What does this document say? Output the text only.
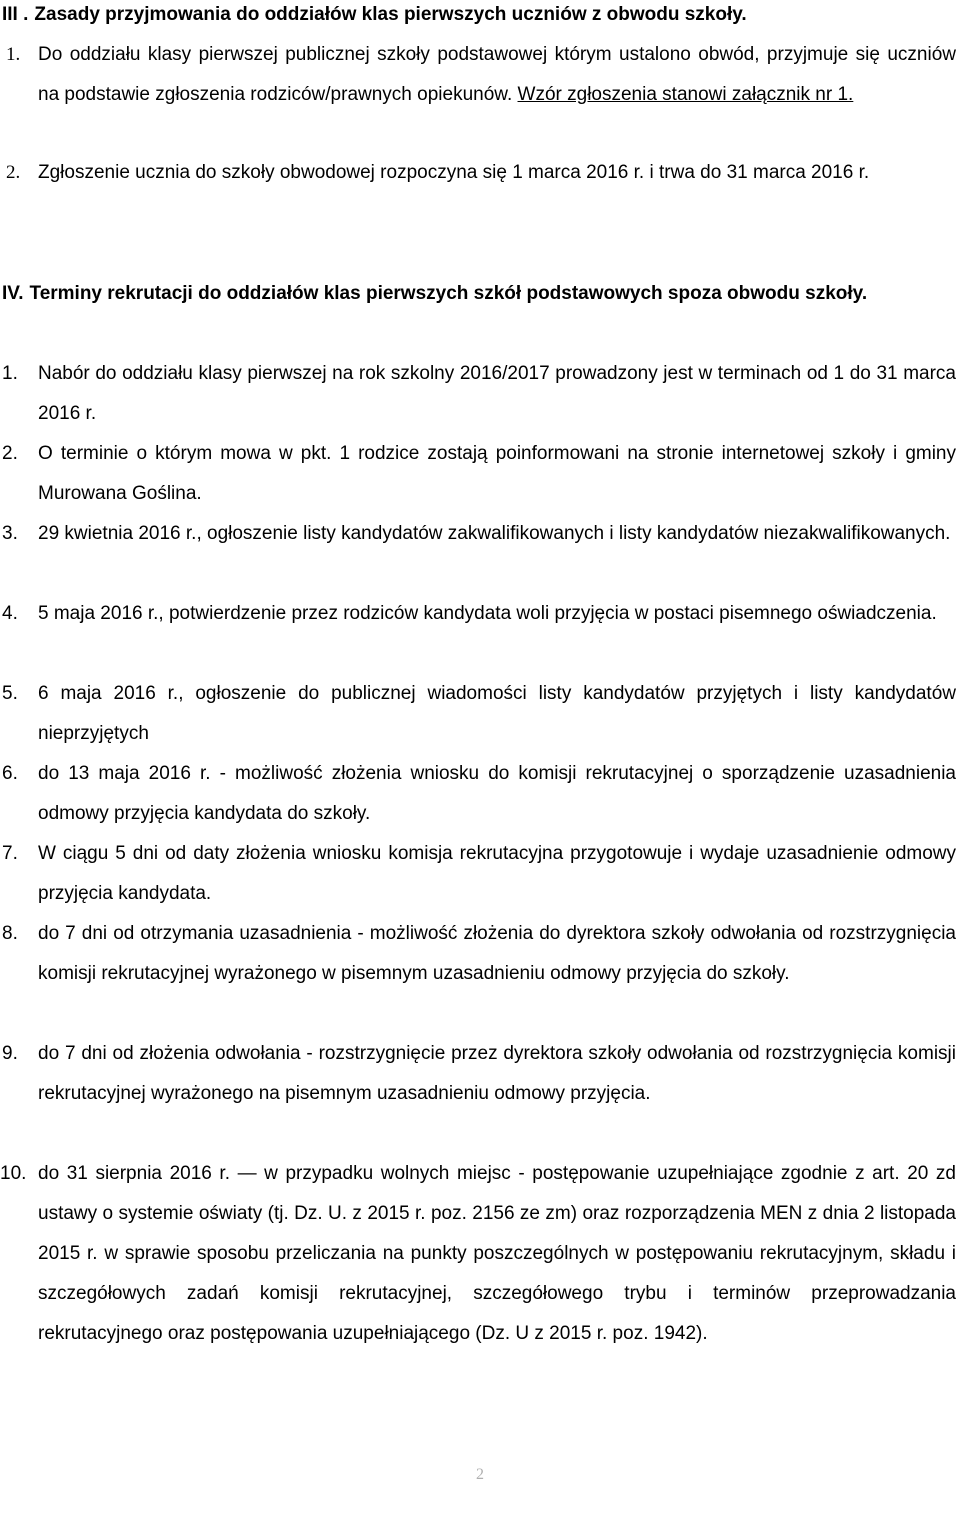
III . Zasady przyjmowania do oddziałów klas pierwszych uczniów z obwodu szkoły.
1. Do oddziału klasy pierwszej publicznej szkoły podstawowej którym ustalono obwód, przyjmuje się uczniów na podstawie zgłoszenia rodziców/prawnych opiekunów. Wzór zgłoszenia stanowi załącznik nr 1.
2. Zgłoszenie ucznia do szkoły obwodowej rozpoczyna się 1 marca 2016 r. i trwa do 31 marca 2016 r.
IV. Terminy rekrutacji do oddziałów klas pierwszych szkół podstawowych spoza obwodu szkoły.
1. Nabór do oddziału klasy pierwszej na rok szkolny 2016/2017 prowadzony jest w terminach od 1 do 31 marca 2016 r.
2. O terminie o którym mowa w pkt. 1 rodzice zostają poinformowani na stronie internetowej szkoły i gminy Murowana Goślina.
3. 29 kwietnia 2016 r., ogłoszenie listy kandydatów zakwalifikowanych i listy kandydatów niezakwalifikowanych.
4. 5 maja 2016 r., potwierdzenie przez rodziców kandydata woli przyjęcia w postaci pisemnego oświadczenia.
5. 6 maja 2016 r., ogłoszenie do publicznej wiadomości listy kandydatów przyjętych i listy kandydatów nieprzyjętych
6. do 13 maja 2016 r. - możliwość złożenia wniosku do komisji rekrutacyjnej o sporządzenie uzasadnienia odmowy przyjęcia kandydata do szkoły.
7. W ciągu 5 dni od daty złożenia wniosku komisja rekrutacyjna przygotowuje i wydaje uzasadnienie odmowy przyjęcia kandydata.
8. do 7 dni od otrzymania uzasadnienia - możliwość złożenia do dyrektora szkoły odwołania od rozstrzygnięcia komisji rekrutacyjnej wyrażonego w pisemnym uzasadnieniu odmowy przyjęcia do szkoły.
9. do 7 dni od złożenia odwołania - rozstrzygnięcie przez dyrektora szkoły odwołania od rozstrzygnięcia komisji rekrutacyjnej wyrażonego na pisemnym uzasadnieniu odmowy przyjęcia.
10. do 31 sierpnia 2016 r. — w przypadku wolnych miejsc - postępowanie uzupełniające zgodnie z art. 20 zd ustawy o systemie oświaty (tj. Dz. U. z 2015 r. poz. 2156 ze zm) oraz rozporządzenia MEN z dnia 2 listopada 2015 r. w sprawie sposobu przeliczania na punkty poszczególnych w postępowaniu rekrutacyjnym, składu i szczegółowych zadań komisji rekrutacyjnej, szczegółowego trybu i terminów przeprowadzania rekrutacyjnego oraz postępowania uzupełniającego (Dz. U z 2015 r. poz. 1942).
2
